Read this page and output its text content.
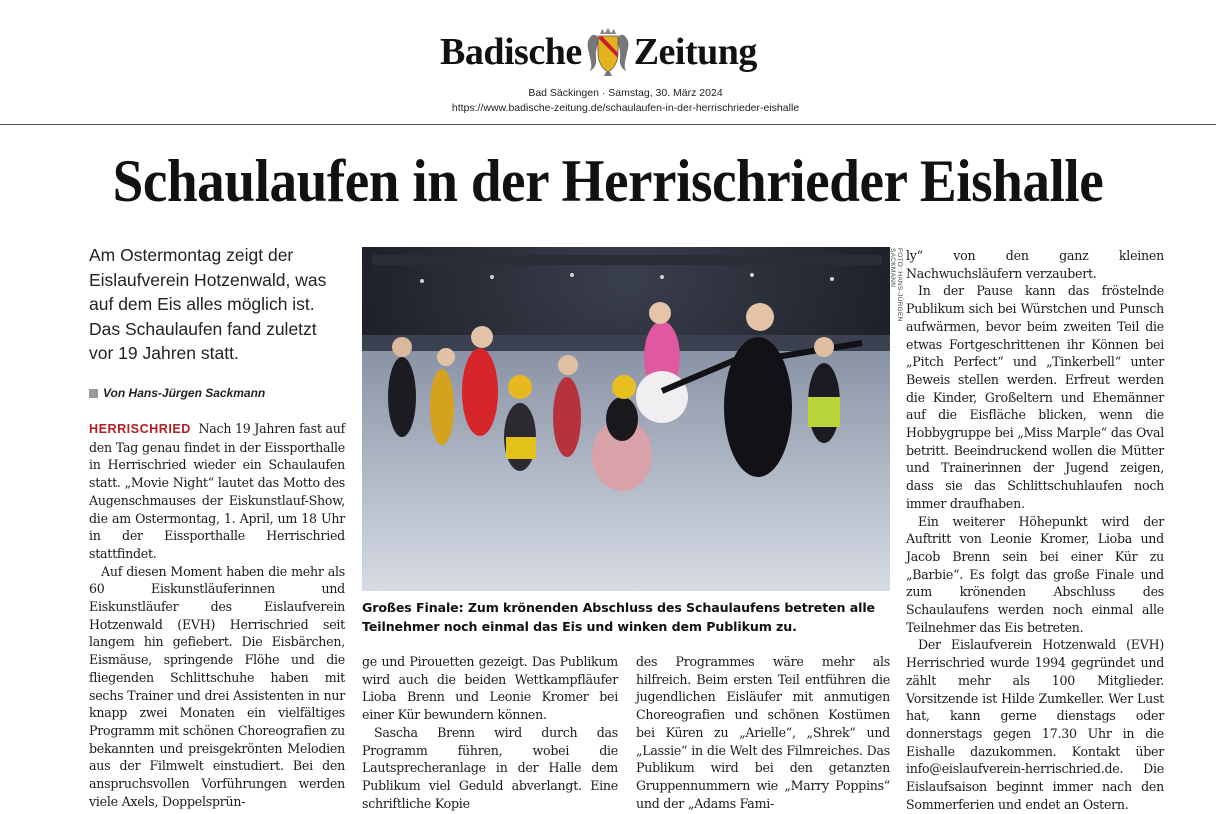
Badische Zeitung
Bad Säckingen · Samstag, 30. März 2024
https://www.badische-zeitung.de/schaulaufen-in-der-herrischrieder-eishalle
Schaulaufen in der Herrischrieder Eishalle
Am Ostermontag zeigt der Eislaufverein Hotzenwald, was auf dem Eis alles möglich ist. Das Schaulaufen fand zuletzt vor 19 Jahren statt.
Von Hans-Jürgen Sackmann

HERRISCHRIED Nach 19 Jahren fast auf den Tag genau findet in der Eissporthalle in Herrischried wieder ein Schaulaufen statt. „Movie Night“ lautet das Motto des Augenschmauses der Eiskunstlauf-Show, die am Ostermontag, 1. April, um 18 Uhr in der Eissporthalle Herrischried stattfindet.

Auf diesen Moment haben die mehr als 60 Eiskunstläuferinnen und Eiskunstläufer des Eislaufverein Hotzenwald (EVH) Herrischried seit langem hin gefiebert. Die Eisbärchen, Eismäuse, springende Flöhe und die fliegenden Schlittschuhe haben mit sechs Trainer und drei Assistenten in nur knapp zwei Monaten ein vielfältiges Programm mit schönen Choreografien zu bekannten und preisgekrönten Melodien aus der Filmwelt einstudiert. Bei den anspruchsvollen Vorführungen werden viele Axels, Doppelsprün-

FOTO: HANS-JÜRGEN SACKMANN
Großes Finale: Zum krönenden Abschluss des Schaulaufens betreten alle Teilnehmer noch einmal das Eis und winken dem Publikum zu.

ge und Pirouetten gezeigt. Das Publikum wird auch die beiden Wettkampfläufer Lioba Brenn und Leonie Kromer bei einer Kür bewundern können.

Sascha Brenn wird durch das Programm führen, wobei die Lautsprecheranlage in der Halle dem Publikum viel Geduld abverlangt. Eine schriftliche Kopie

des Programmes wäre mehr als hilfreich. Beim ersten Teil entführen die jugendlichen Eisläufer mit anmutigen Choreografien und schönen Kostümen bei Küren zu „Arielle“, „Shrek“ und „Lassie“ in die Welt des Filmreiches. Das Publikum wird bei den getanzten Gruppennummern wie „Marry Poppins“ und der „Adams Fami-

ly“ von den ganz kleinen Nachwuchsläufern verzaubert.

In der Pause kann das fröstelnde Publikum sich bei Würstchen und Punsch aufwärmen, bevor beim zweiten Teil die etwas Fortgeschrittenen ihr Können bei „Pitch Perfect“ und „Tinkerbell“ unter Beweis stellen werden. Erfreut werden die Kinder, Großeltern und Ehemänner auf die Eisfläche blicken, wenn die Hobbygruppe bei „Miss Marple“ das Oval betritt. Beeindruckend wollen die Mütter und Trainerinnen der Jugend zeigen, dass sie das Schlittschuhlaufen noch immer draufhaben.

Ein weiterer Höhepunkt wird der Auftritt von Leonie Kromer, Lioba und Jacob Brenn sein bei einer Kür zu „Barbie“. Es folgt das große Finale und zum krönenden Abschluss des Schaulaufens werden noch einmal alle Teilnehmer das Eis betreten.

Der Eislaufverein Hotzenwald (EVH) Herrischried wurde 1994 gegründet und zählt mehr als 100 Mitglieder. Vorsitzende ist Hilde Zumkeller. Wer Lust hat, kann gerne dienstags oder donnerstags gegen 17.30 Uhr in die Eishalle dazukommen. Kontakt über info@eislaufverein-herrischried.de. Die Eislaufsaison beginnt immer nach den Sommerferien und endet an Ostern.
